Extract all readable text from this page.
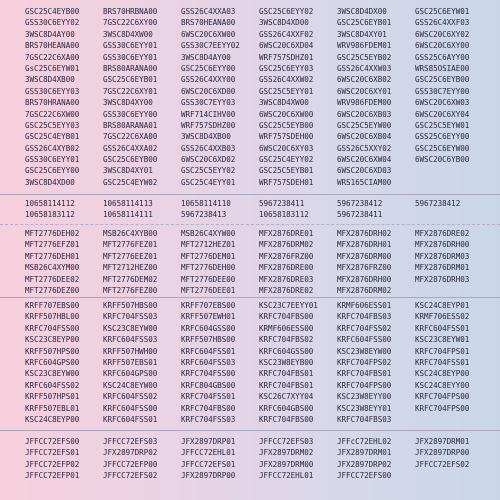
GSC25C4EYB00	BRS70HRBNA00	GSS26C4XXA03	GSC25C6EYY02	3WSC8D4DX00	GSC25C6EYW01
GSS30C6EYY02	7GSC22C6XY00	BRS70HEANA00	3WSC8D4XD00	GSC25C6EYB01	GSS26C4XXF03
3WSC8D4AY00	3WSC8D4XW00	6WSC20C6XW00	GSS26C4XXF02	3WSC8D4XY01	6WSC20C6XY02
BRS70HEANA00	GSS30C6EYY01	GSS30C7EEYY02	6WSC20C6XD04	WRV986FDEM01	6WSC20C6XY00
7GSC22C6XA00	GSS30C6EYY01	3WSC8D4AY00	WRF757SDHZ01	GSC25C5EYB02	GSS25C6AYY00
GsC25C6EYW01	BRS80ARANA00	GSC25C6EYY00	GSC25C6EYY03	GSS26C4XXW03	WRS85OSIAE00
3WSC8D4XB00	GSC25C6EYB01	GSS26C4XXY00	GSS26C4XXW02	6WSC20C6XB02	GSC25C6EYB00
GSS30C6EYY03	7GSC22C6XY01	6WSC20C6XD00	GSC25C5EYY01	6WSC20C6XY01	GSS30C7EYY00
BRS70HRANA00	3WSC8D4XY00	GSS30C7EYY03	3WSC8D4XW00	WRV986FDEM00	6WSC20C6XW03
7GSC22C6XW00	GSS30C6EYY00	WRF714CIHV00	6WSC20C6XW00	6WSC20C6XB03	6WSC20C6XY04
GSC25C5EYY03	BRS80ARANA01	WRF757SDHZ00	GSC25C5EYB00	GSC25C5EYW00	GSC25C5EYW01
GSC25C4EYB01	7GSC22C6XA00	3WSC8D4XB00	WRF757SDEH00	6WSC20C6XB04	GSS25C6EYY00
GSS26C4XYB02	GSS26C4XXA02	GSS26C4XXB03	6WSC20C6XY03	GSS26C5XXY02	GSC25C6EYW00
GSS30C6EYY01	GSC25C6EYB00	6WSC20C6XD02	GSC25C4EYY02	6WSC20C6XW04	6WSC20C6YB00
GSC25C6EYY00	3WSC8D4XY01	GSC25C5EYY02	GSC25C5EYB01	6WSC20C6XD03
3WSC8D4XD00	GSC25C4EYW02	GSC25C4EYY01	WRF757SDEH01	WRS165CIAM00
10658114112	10658114113	10658114110	5967238411	5967238412	5967238412
10658183112	10658114111	5967238413	10658183112	5967238411
MFT2776DEH02	MSB26C4XYB00	MSB26C4XYW00	MFX2876DRE01	MFX2876DRH02	MFX2876DRE02
MFT2776EFZ01	MFT2776FEZ01	MFT2712HEZ01	MFX2876DRM02	MFX2876DRH01	MFX2876DRH00
MFT2776DEH01	MFT2776EEZ01	MFT2776DEM01	MFX2876FRZ00	MFX2876DRM00	MFX2876DRM03
MSB26C4XYM00	MFT2712HEZ00	MFT2776DEH00	MFX2876DRE00	MFX2876FRZ00	MFX2876DRM01
MFT2776DEE02	MFT2776DEM02	MFT2776DEE00	MFX2876DRE03	MFX2876DRH00	MFX2876DRH03
MFT2776DEZ00	MFT2776FEZ00	MFT2776DEE01	MFX2876DRE02	MFX2876DRM02
KRFF707EBS00	KRFF507HBS00	KRFF707EBS00	KSC23C7EEYY01	KRMF606ESS01	KSC24C8EYP01
KRFF507HBL00	KRFC704FSS03	KRFF507EWH01	KRFC704FBS00	KRFC704FBS03	KRMF706ESS02
KRFC704FSS00	KSC23C8EYW00	KRFC604GSS00	KRMF606ESS00	KRFC704FSS02	KRFC604FSS01
KSC23C8EYP00	KRFC604FSS03	KRFF507HBS00	KRFC704FBS02	KRFC604FSS00	KSC23C8EYW01
KRFF507HPS00	KRFF507HWH00	KRFC604FSS01	KRFC604GSS00	KSC23W8EYW00	KRFC704FPS01
KRFC604GPS00	KRFF507EBS01	KRFC604FSS03	KSC23W8EYB00	KRFC704FPS02	KRFC704FSS01
KSC23C8EYW00	KRFC604GPS00	KRFC704FSS00	KRFC704FBS01	KRFC704FBS01	KSC24C8EYP00
KRFC604FSS02	KSC24C8EYW00	KRFC804GBS00	KRFC704FBS01	KRFC704FPS00	KSC24C8EYY00
KRFF507HPS01	KRFC604FSS02	KRFC704FSS01	KSC26C7XYY04	KSC23W8EYY00	KRFC704FPS00
KRFF507EBL01	KRFC604FSS00	KRFC704FBS00	KRFC604GBS00	KSC23W8EYY01	KRFC704FPS00
KSC24C8EYP00	KRFC604FSS01	KRFC704FSS03	KRFC704FBS00	KRFC704FBS03
JFFCC72EFS00	JFFCC72EFS03	JFX2897DRP01	JFFCC72EFS03	JFFcC72EHL02	JFX2897DRM01
JFFCC72EFS01	JFX2897DRP02	JFFCC72EHL01	JFX2897DRM02	JFX2897DRM01	JFX2897DRP00
JFFCC72EFP02	JFFCC72EFP00	JFFCC72EFS01	JFX2897DRM00	JFX2897DRP02	JFFCC72EFS02
JFFCC72EFP01	JFFCC72EFS02	JFX2897DRP00	JFFCC72EHL01	JFFCC72EFS00
